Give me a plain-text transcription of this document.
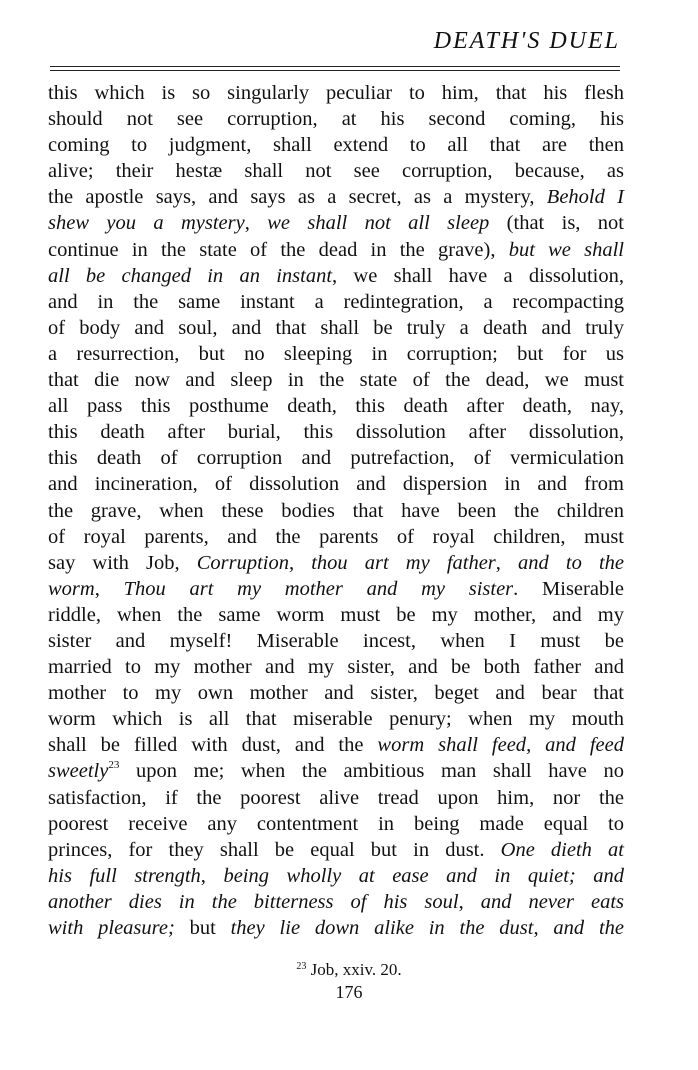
DEATH'S DUEL
this which is so singularly peculiar to him, that his flesh
should not see corruption, at his second coming, his
coming to judgment, shall extend to all that are then
alive; their hestæ shall not see corruption, because, as
the apostle says, and says as a secret, as a mystery, Behold I
shew you a mystery, we shall not all sleep (that is, not
continue in the state of the dead in the grave), but we shall
all be changed in an instant, we shall have a dissolution,
and in the same instant a redintegration, a recompacting
of body and soul, and that shall be truly a death and truly
a resurrection, but no sleeping in corruption; but for us
that die now and sleep in the state of the dead, we must
all pass this posthume death, this death after death, nay,
this death after burial, this dissolution after dissolution,
this death of corruption and putrefaction, of vermiculation
and incineration, of dissolution and dispersion in and from
the grave, when these bodies that have been the children
of royal parents, and the parents of royal children, must
say with Job, Corruption, thou art my father, and to the
worm, Thou art my mother and my sister. Miserable
riddle, when the same worm must be my mother, and my
sister and myself! Miserable incest, when I must be
married to my mother and my sister, and be both father and
mother to my own mother and sister, beget and bear that
worm which is all that miserable penury; when my mouth
shall be filled with dust, and the worm shall feed, and feed
sweetly$^{23}$ upon me; when the ambitious man shall have no
satisfaction, if the poorest alive tread upon him, nor the
poorest receive any contentment in being made equal to
princes, for they shall be equal but in dust. One dieth at
his full strength, being wholly at ease and in quiet; and
another dies in the bitterness of his soul, and never eats
with pleasure; but they lie down alike in the dust, and the
$^{23}$ Job, xxiv. 20.
176
